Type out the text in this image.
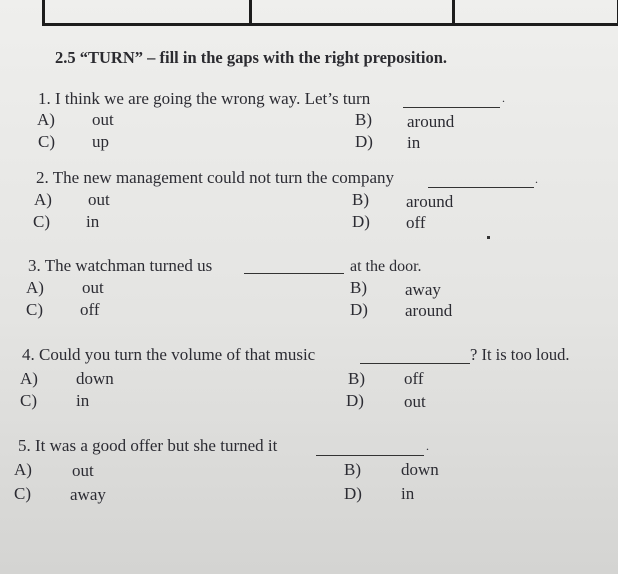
2.5 “TURN” – fill in the gaps with the right preposition.
1. I think we are going the wrong way. Let’s turn	.
A) out	B) around
C) up	D) in
2. The new management could not turn the company	.
A) out	B) around
C) in	D) off
3. The watchman turned us	at the door.
A) out	B) away
C) off	D) around
4. Could you turn the volume of that music	? It is too loud.
A) down	B) off
C) in	D) out
5. It was a good offer but she turned it	.
A) out	B) down
C) away	D) in
